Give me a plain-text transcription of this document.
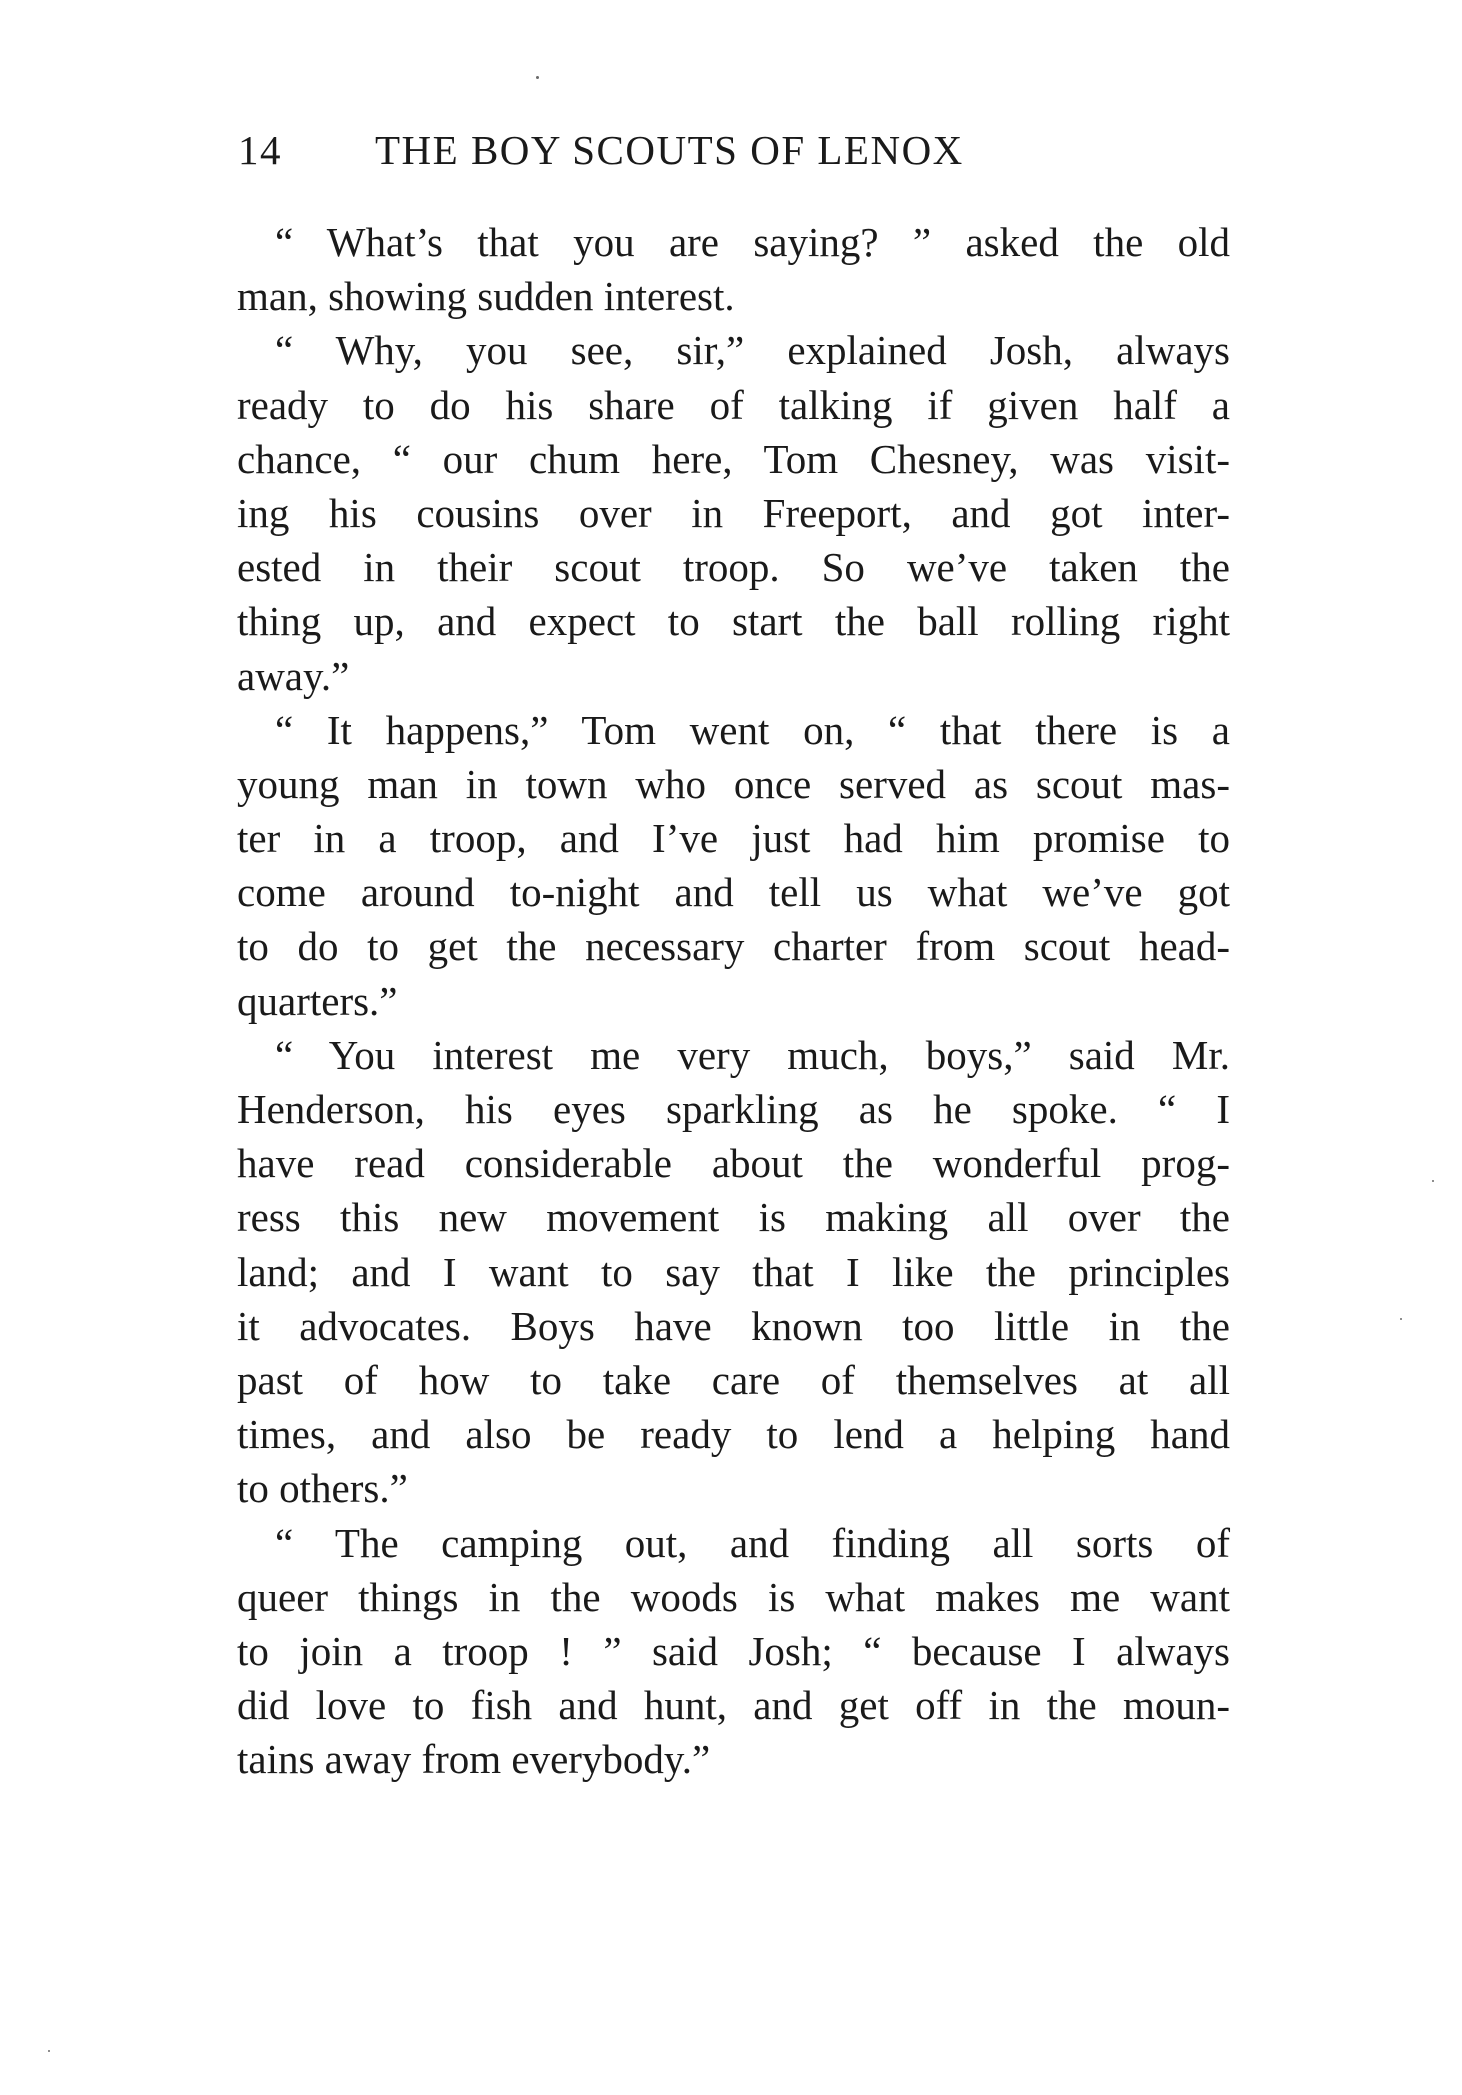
14 THE BOY SCOUTS OF LENOX
“ What’s that you are saying? ” asked the old
man, showing sudden interest.
“ Why, you see, sir,” explained Josh, always
ready to do his share of talking if given half a
chance, “ our chum here, Tom Chesney, was visit-
ing his cousins over in Freeport, and got inter-
ested in their scout troop. So we’ve taken the
thing up, and expect to start the ball rolling right
away.”
“ It happens,” Tom went on, “ that there is a
young man in town who once served as scout mas-
ter in a troop, and I’ve just had him promise to
come around to-night and tell us what we’ve got
to do to get the necessary charter from scout head-
quarters.”
“ You interest me very much, boys,” said Mr.
Henderson, his eyes sparkling as he spoke. “ I
have read considerable about the wonderful prog-
ress this new movement is making all over the
land; and I want to say that I like the principles
it advocates. Boys have known too little in the
past of how to take care of themselves at all
times, and also be ready to lend a helping hand
to others.”
“ The camping out, and finding all sorts of
queer things in the woods is what makes me want
to join a troop ! ” said Josh; “ because I always
did love to fish and hunt, and get off in the moun-
tains away from everybody.”
